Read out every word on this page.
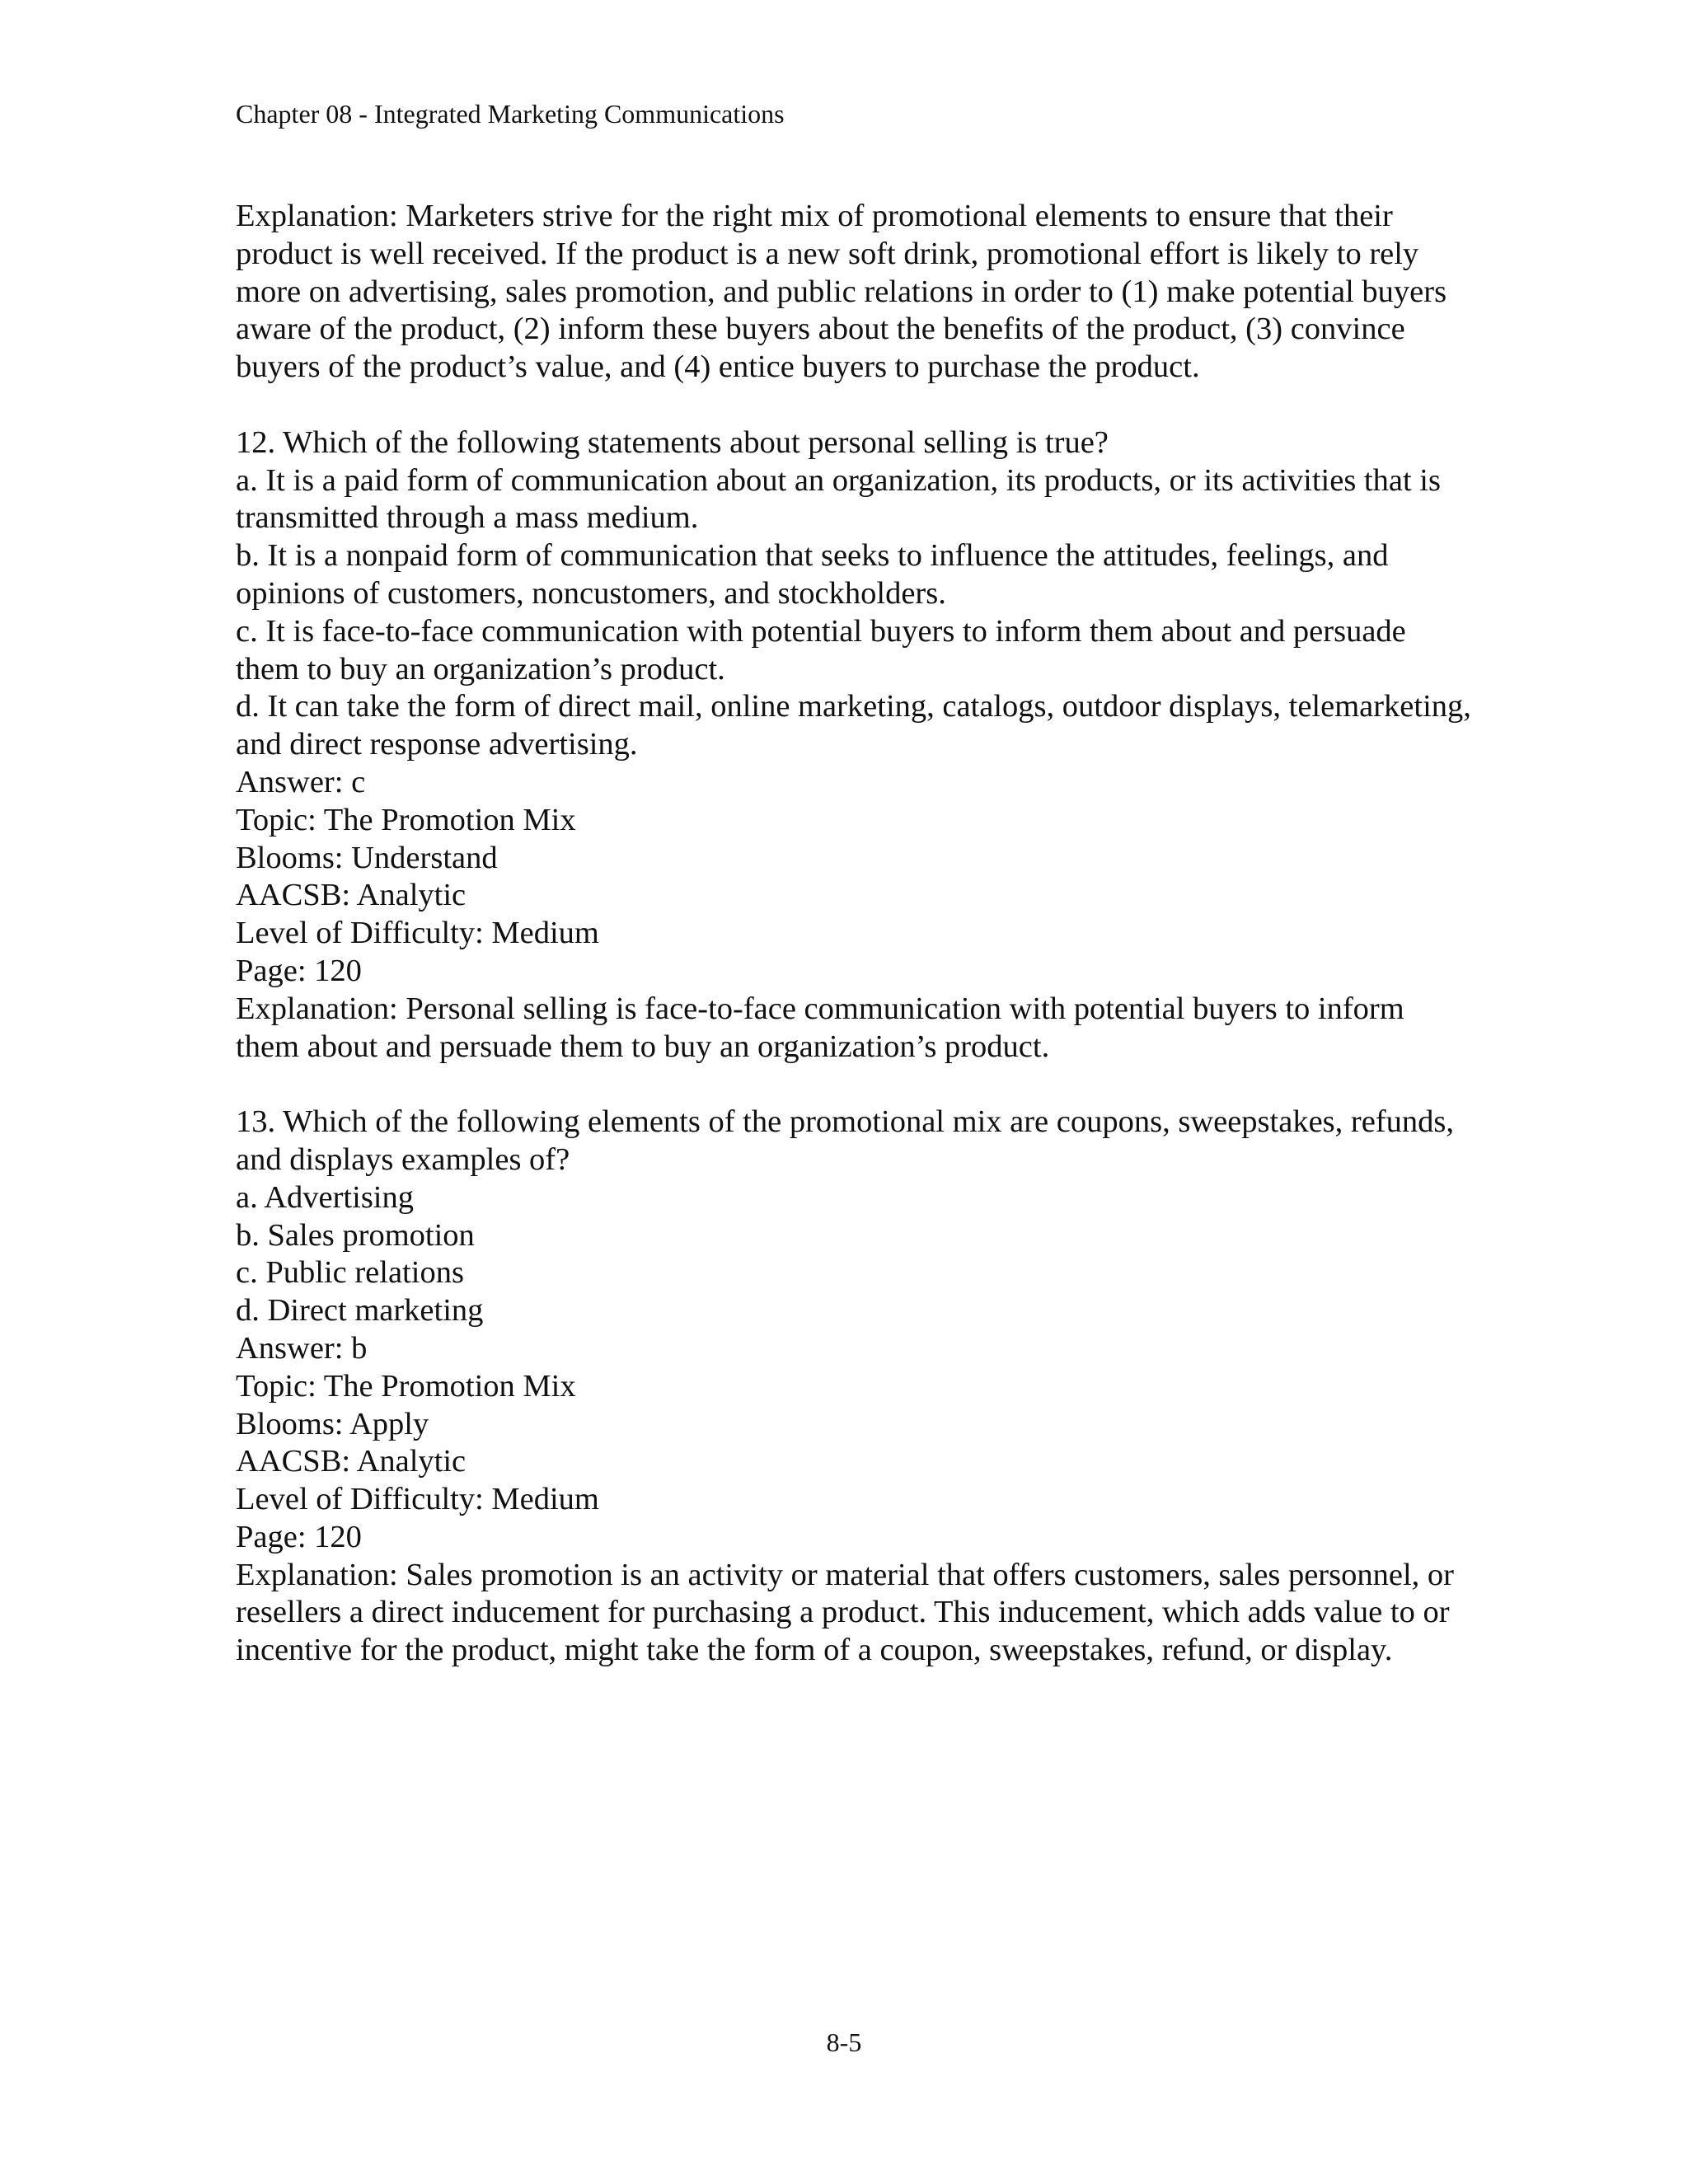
Chapter 08 - Integrated Marketing Communications

Explanation: Marketers strive for the right mix of promotional elements to ensure that their product is well received. If the product is a new soft drink, promotional effort is likely to rely more on advertising, sales promotion, and public relations in order to (1) make potential buyers aware of the product, (2) inform these buyers about the benefits of the product, (3) convince buyers of the product’s value, and (4) entice buyers to purchase the product.

12. Which of the following statements about personal selling is true?

a. It is a paid form of communication about an organization, its products, or its activities that is transmitted through a mass medium.

b. It is a nonpaid form of communication that seeks to influence the attitudes, feelings, and opinions of customers, noncustomers, and stockholders.

c. It is face-to-face communication with potential buyers to inform them about and persuade them to buy an organization’s product.

d. It can take the form of direct mail, online marketing, catalogs, outdoor displays, telemarketing, and direct response advertising.

Answer: c

Topic: The Promotion Mix

Blooms: Understand

AACSB: Analytic

Level of Difficulty: Medium

Page: 120

Explanation: Personal selling is face-to-face communication with potential buyers to inform them about and persuade them to buy an organization’s product.

13. Which of the following elements of the promotional mix are coupons, sweepstakes, refunds, and displays examples of?

a. Advertising

b. Sales promotion

c. Public relations

d. Direct marketing

Answer: b

Topic: The Promotion Mix

Blooms: Apply

AACSB: Analytic

Level of Difficulty: Medium

Page: 120

Explanation: Sales promotion is an activity or material that offers customers, sales personnel, or resellers a direct inducement for purchasing a product. This inducement, which adds value to or incentive for the product, might take the form of a coupon, sweepstakes, refund, or display.

8-5
